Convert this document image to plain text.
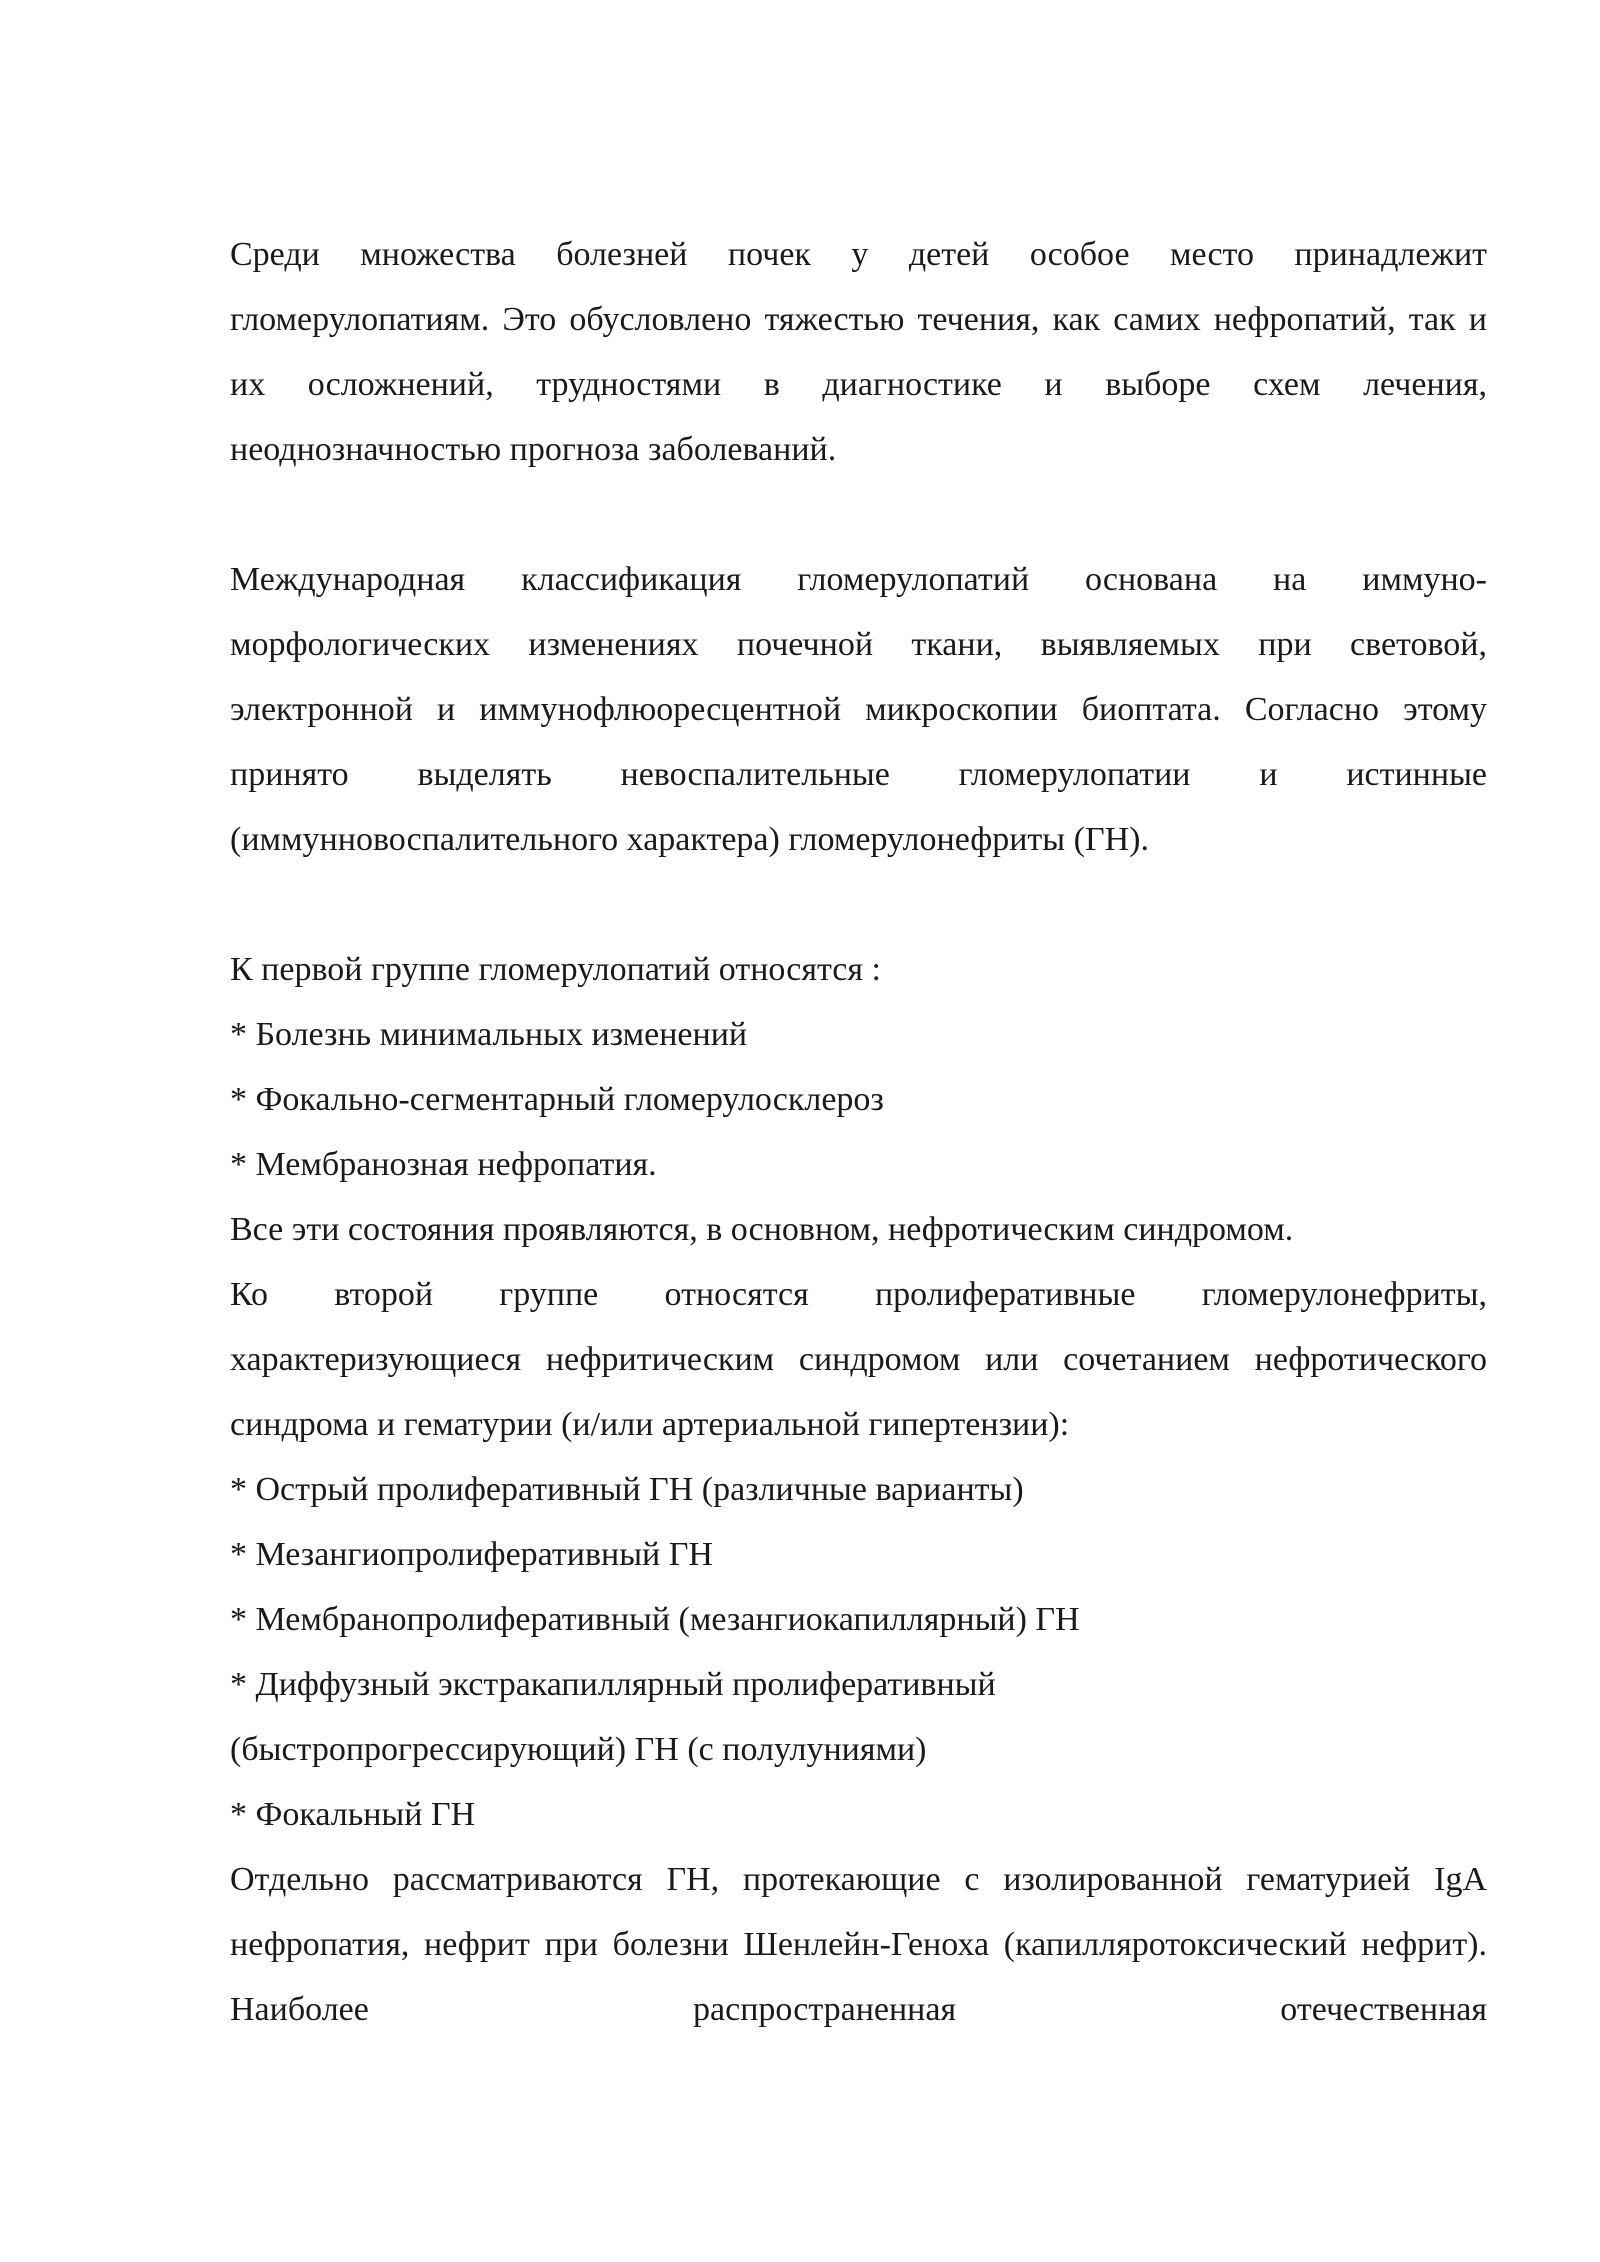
Среди множества болезней почек у детей особое место принадлежит гломерулопатиям. Это обусловлено тяжестью течения, как самих нефропатий, так и их осложнений, трудностями в диагностике и выборе схем лечения, неоднозначностью прогноза заболеваний.

Международная классификация гломерулопатий основана на иммуно-морфологических изменениях почечной ткани, выявляемых при световой, электронной и иммунофлюоресцентной микроскопии биоптата. Согласно этому принято выделять невоспалительные гломерулопатии и истинные (иммунновоспалительного характера) гломерулонефриты (ГН).

К первой группе гломерулопатий относятся :

* Болезнь минимальных изменений

* Фокально-сегментарный гломерулосклероз

* Мембранозная нефропатия.

Все эти состояния проявляются, в основном, нефротическим синдромом.

Ко второй группе относятся пролиферативные гломерулонефриты, характеризующиеся нефритическим синдромом или сочетанием нефротического синдрома и гематурии (и/или артериальной гипертензии):

* Острый пролиферативный ГН (различные варианты)

* Мезангиопролиферативный ГН

* Мембранопролиферативный (мезангиокапиллярный) ГН

* Диффузный экстракапиллярный пролиферативный

(быстропрогрессирующий) ГН (с полулуниями)

* Фокальный ГН

Отдельно рассматриваются ГН, протекающие с изолированной гематурией IgA нефропатия, нефрит при болезни Шенлейн-Геноха (капилляротоксический нефрит). Наиболее распространенная отечественная
